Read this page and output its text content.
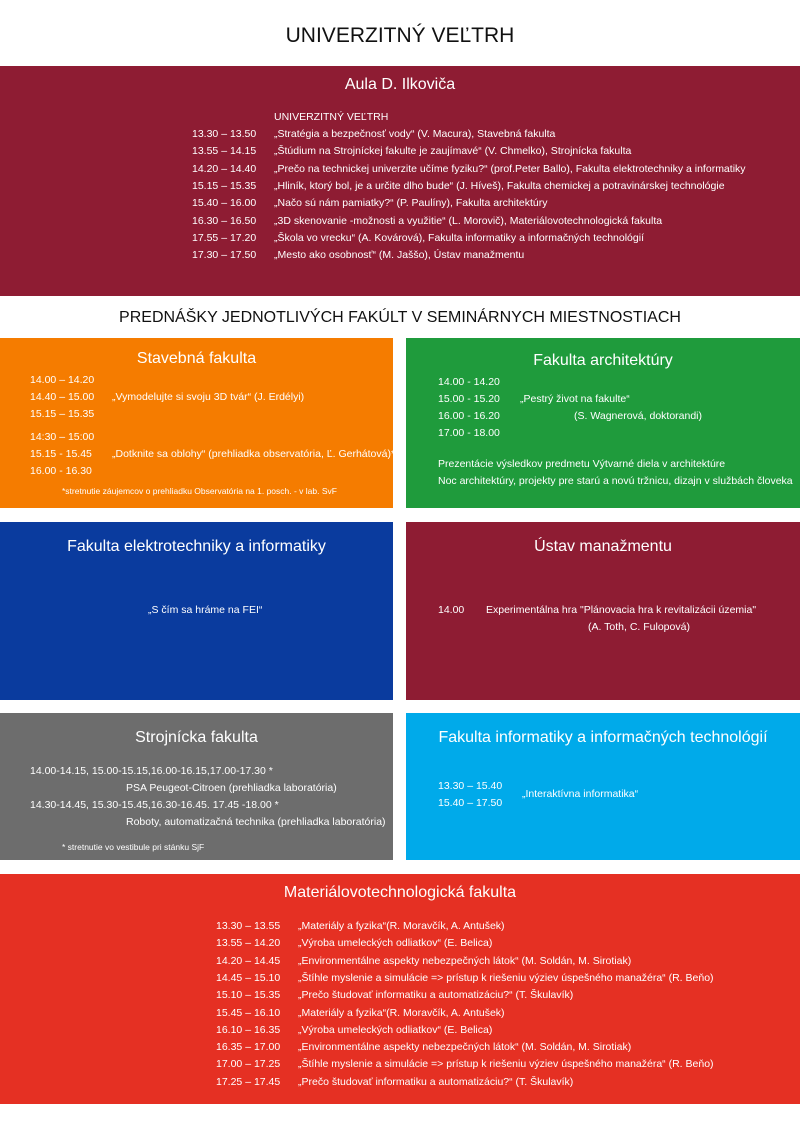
UNIVERZITNÝ VEĽTRH
Aula D. Ilkoviča
UNIVERZITNÝ VEĽTRH
13.30 – 13.50 „Stratégia a bezpečnosť vody“ (V. Macura), Stavebná fakulta
13.55 – 14.15 „Štúdium na Strojníckej fakulte je zaujímavé“ (V. Chmelko), Strojnícka fakulta
14.20 – 14.40 „Prečo na technickej univerzite učíme fyziku?“ (prof.Peter Ballo), Fakulta elektrotechniky a informatiky
15.15 – 15.35 „Hliník, ktorý bol, je a určite dlho bude“ (J. Híveš), Fakulta chemickej a potravinárskej technológie
15.40 – 16.00 „Načo sú nám pamiatky?“ (P. Paulíny), Fakulta architektúry
16.30 – 16.50 „3D skenovanie -možnosti a využitie“ (L. Morovič), Materiálovotechnologická fakulta
17.55 – 17.20 „Škola vo vrecku“ (A. Kovárová), Fakulta informatiky a informačných technológií
17.30 – 17.50 „Mesto ako osobnosť“ (M. Jaššo), Ústav manažmentu
PREDNÁŠKY JEDNOTLIVÝCH FAKÚLT V SEMINÁRNYCH MIESTNOSTIACH
Stavebná fakulta
14.00 – 14.20
14.40 – 15.00
15.15 – 15.35
„Vymodelujte si svoju 3D tvár“ (J. Erdélyi)
14:30 – 15:00
15.15 - 15.45
16.00 - 16.30
„Dotknite sa oblohy“ (prehliadka observatória, Ľ. Gerhátová)*
*stretnutie záujemcov o prehliadku Observatória na 1. posch. - v lab. SvF
Fakulta architektúry
14.00 - 14.20
15.00 - 15.20
16.00 - 16.20
17.00 - 18.00
„Pestrý život na fakulte“
(S. Wagnerová, doktorandi)
Prezentácie výsledkov predmetu Výtvarné diela v architektúre
Noc architektúry, projekty pre starú a novú tržnicu, dizajn v službách človeka
Fakulta elektrotechniky a informatiky
„S čím sa hráme na FEI“
Ústav manažmentu
14.00 Experimentálna hra "Plánovacia hra k revitalizácii územia"
(A. Toth, C. Fulopová)
Strojnícka fakulta
14.00-14.15, 15.00-15.15,16.00-16.15,17.00-17.30 *
PSA Peugeot-Citroen (prehliadka laboratória)
14.30-14.45, 15.30-15.45,16.30-16.45. 17.45 -18.00 *
Roboty, automatizačná technika (prehliadka laboratória)
* stretnutie vo vestibule pri stánku SjF
Fakulta informatiky a informačných technológií
13.30 – 15.40
15.40 – 17.50
„Interaktívna informatika“
Materiálovotechnologická fakulta
13.30 – 13.55 „Materiály a fyzika“(R. Moravčík, A. Antušek)
13.55 – 14.20 „Výroba umeleckých odliatkov“ (E. Belica)
14.20 – 14.45 „Environmentálne aspekty nebezpečných látok“ (M. Soldán, M. Sirotiak)
14.45 – 15.10 „Štíhle myslenie a simulácie => prístup k riešeniu výziev úspešného manažéra“ (R. Beňo)
15.10 – 15.35 „Prečo študovať informatiku a automatizáciu?“ (T. Škulavík)
15.45 – 16.10 „Materiály a fyzika“(R. Moravčík, A. Antušek)
16.10 – 16.35 „Výroba umeleckých odliatkov“ (E. Belica)
16.35 – 17.00 „Environmentálne aspekty nebezpečných látok“ (M. Soldán, M. Sirotiak)
17.00 – 17.25 „Štíhle myslenie a simulácie => prístup k riešeniu výziev úspešného manažéra“ (R. Beňo)
17.25 – 17.45 „Prečo študovať informatiku a automatizáciu?“ (T. Škulavík)
